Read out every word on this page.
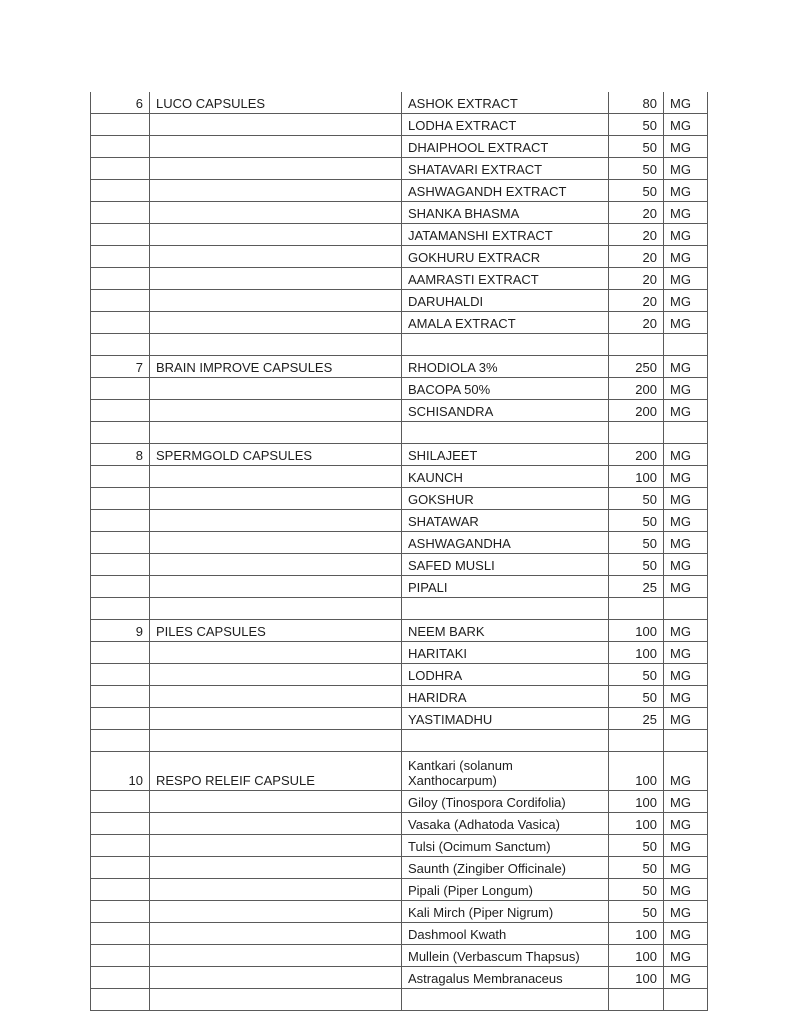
6	LUCO CAPSULES	ASHOK EXTRACT	80	MG
		LODHA EXTRACT	50	MG
		DHAIPHOOL EXTRACT	50	MG
		SHATAVARI EXTRACT	50	MG
		ASHWAGANDH EXTRACT	50	MG
		SHANKA BHASMA	20	MG
		JATAMANSHI EXTRACT	20	MG
		GOKHURU EXTRACR	20	MG
		AAMRASTI EXTRACT	20	MG
		DARUHALDI	20	MG
		AMALA EXTRACT	20	MG

7	BRAIN IMPROVE CAPSULES	RHODIOLA 3%	250	MG
		BACOPA 50%	200	MG
		SCHISANDRA	200	MG

8	SPERMGOLD CAPSULES	SHILAJEET	200	MG
		KAUNCH	100	MG
		GOKSHUR	50	MG
		SHATAWAR	50	MG
		ASHWAGANDHA	50	MG
		SAFED MUSLI	50	MG
		PIPALI	25	MG

9	PILES CAPSULES	NEEM BARK	100	MG
		HARITAKI	100	MG
		LODHRA	50	MG
		HARIDRA	50	MG
		YASTIMADHU	25	MG

10	RESPO RELEIF CAPSULE	Kantkari (solanum Xanthocarpum)	100	MG
		Giloy (Tinospora Cordifolia)	100	MG
		Vasaka (Adhatoda Vasica)	100	MG
		Tulsi (Ocimum Sanctum)	50	MG
		Saunth (Zingiber Officinale)	50	MG
		Pipali (Piper Longum)	50	MG
		Kali Mirch (Piper Nigrum)	50	MG
		Dashmool Kwath	100	MG
		Mullein (Verbascum Thapsus)	100	MG
		Astragalus Membranaceus	100	MG
